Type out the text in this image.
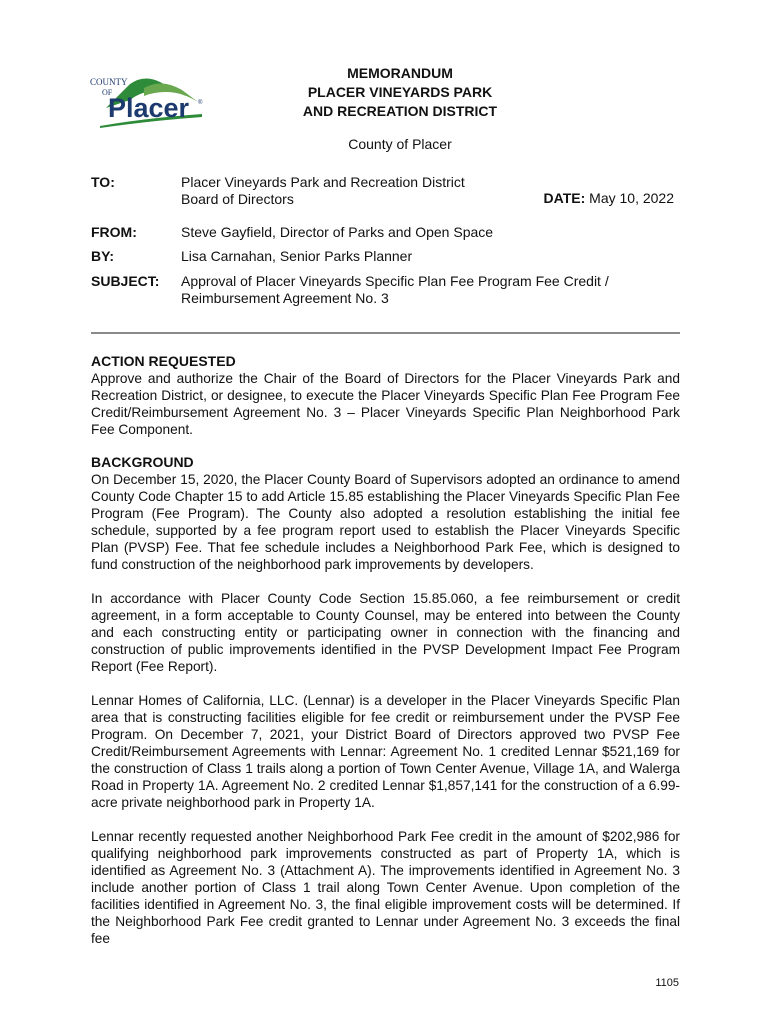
COUNTY
OF
Placer ®
MEMORANDUM
PLACER VINEYARDS PARK
AND RECREATION DISTRICT
County of Placer
TO:	Placer Vineyards Park and Recreation District
Board of Directors	DATE: May 10, 2022
FROM:	Steve Gayfield, Director of Parks and Open Space
BY:	Lisa Carnahan, Senior Parks Planner
SUBJECT: Approval of Placer Vineyards Specific Plan Fee Program Fee Credit /
Reimbursement Agreement No. 3
ACTION REQUESTED

Approve and authorize the Chair of the Board of Directors for the Placer Vineyards Park and Recreation District, or designee, to execute the Placer Vineyards Specific Plan Fee Program Fee Credit/Reimbursement Agreement No. 3 – Placer Vineyards Specific Plan Neighborhood Park Fee Component.

BACKGROUND

On December 15, 2020, the Placer County Board of Supervisors adopted an ordinance to amend County Code Chapter 15 to add Article 15.85 establishing the Placer Vineyards Specific Plan Fee Program (Fee Program). The County also adopted a resolution establishing the initial fee schedule, supported by a fee program report used to establish the Placer Vineyards Specific Plan (PVSP) Fee. That fee schedule includes a Neighborhood Park Fee, which is designed to fund construction of the neighborhood park improvements by developers.

In accordance with Placer County Code Section 15.85.060, a fee reimbursement or credit agreement, in a form acceptable to County Counsel, may be entered into between the County and each constructing entity or participating owner in connection with the financing and construction of public improvements identified in the PVSP Development Impact Fee Program Report (Fee Report).

Lennar Homes of California, LLC. (Lennar) is a developer in the Placer Vineyards Specific Plan area that is constructing facilities eligible for fee credit or reimbursement under the PVSP Fee Program. On December 7, 2021, your District Board of Directors approved two PVSP Fee Credit/Reimbursement Agreements with Lennar: Agreement No. 1 credited Lennar $521,169 for the construction of Class 1 trails along a portion of Town Center Avenue, Village 1A, and Walerga Road in Property 1A. Agreement No. 2 credited Lennar $1,857,141 for the construction of a 6.99-acre private neighborhood park in Property 1A.

Lennar recently requested another Neighborhood Park Fee credit in the amount of $202,986 for qualifying neighborhood park improvements constructed as part of Property 1A, which is identified as Agreement No. 3 (Attachment A). The improvements identified in Agreement No. 3 include another portion of Class 1 trail along Town Center Avenue. Upon completion of the facilities identified in Agreement No. 3, the final eligible improvement costs will be determined. If the Neighborhood Park Fee credit granted to Lennar under Agreement No. 3 exceeds the final fee

1105
